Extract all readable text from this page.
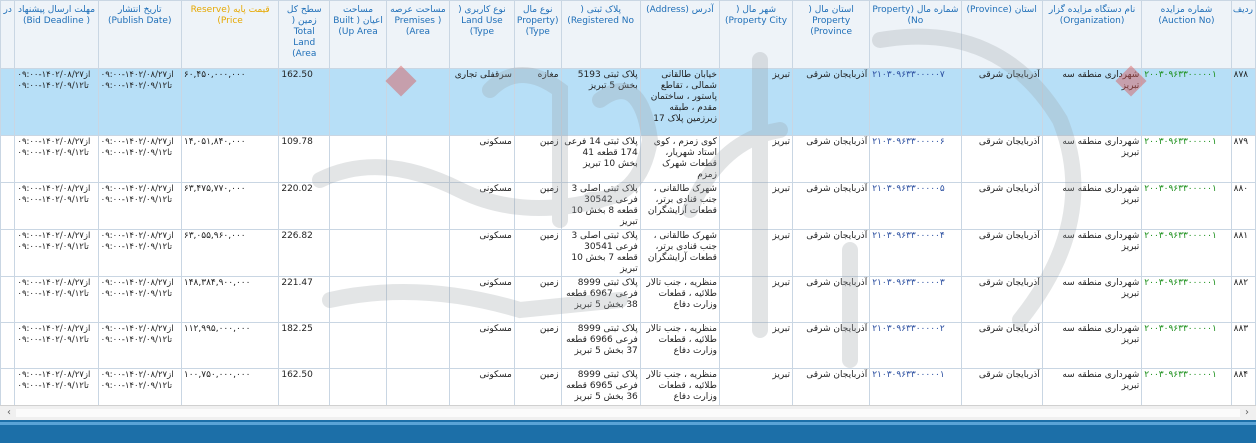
ردیف	شماره مزایده (Auction No)	نام دستگاه مزایده گزار (Organization)	استان (Province)	شماره مال (Property No)	استان مال ( Property Province)	شهر مال ( Property City)	آدرس (Address)	پلاک ثبتی ( Registered No)	نوع مال (Property Type)	نوع کاربری ( Land Use Type)	مساحت عرصه ( Premises Area)	مساحت اعیان ( Built Up Area)	سطح کل زمین ( Total Land Area)	قیمت پایه (Reserve Price)	تاریخ انتشار (Publish Date)	مهلت ارسال پیشنهاد ( Bid Deadline)	در
۸۷۸	۲۰۰۳۰۹۶۳۳۰۰۰۰۰۱	شهرداری منطقه سه تبریز	آذربایجان شرقی	۲۱۰۳۰۹۶۳۳۰۰۰۰۰۷	آذربایجان شرقی	تبریز	خیابان طالقانی شمالی ، تقاطع پاستور ، ساختمان مقدم ، طبقه زیرزمین پلاک 17	پلاک ثبتی 5193 بخش 5 تبریز	مغازه	سرقفلی تجاری			162.50	۶۰,۴۵۰,۰۰۰,۰۰۰	از۱۴۰۲/۰۸/۲۷-۰۹:۰۰ تا۱۴۰۲/۰۹/۱۲-۰۹:۰۰	از۱۴۰۲/۰۸/۲۷-۰۹:۰۰ تا۱۴۰۲/۰۹/۱۲-۰۹:۰۰	
۸۷۹	۲۰۰۳۰۹۶۳۳۰۰۰۰۰۱	شهرداری منطقه سه تبریز	آذربایجان شرقی	۲۱۰۳۰۹۶۳۳۰۰۰۰۰۶	آذربایجان شرقی	تبریز	کوی زمزم ، کوی استاد شهریار، قطعات شهرک زمزم	پلاک ثبتی 14 فرعی 174 قطعه 41 بخش 10 تبریز	زمین	مسکونی			109.78	۱۴,۰۵۱,۸۴۰,۰۰۰	از۱۴۰۲/۰۸/۲۷-۰۹:۰۰ تا۱۴۰۲/۰۹/۱۲-۰۹:۰۰	از۱۴۰۲/۰۸/۲۷-۰۹:۰۰ تا۱۴۰۲/۰۹/۱۲-۰۹:۰۰	
۸۸۰	۲۰۰۳۰۹۶۳۳۰۰۰۰۰۱	شهرداری منطقه سه تبریز	آذربایجان شرقی	۲۱۰۳۰۹۶۳۳۰۰۰۰۰۵	آذربایجان شرقی	تبریز	شهرک طالقانی ، جنب قنادی برتر، قطعات آرایشگران	پلاک ثبتی اصلی 3 فرعی 30542 قطعه 8 بخش 10 تبریز	زمین	مسکونی			220.02	۶۳,۴۷۵,۷۷۰,۰۰۰	از۱۴۰۲/۰۸/۲۷-۰۹:۰۰ تا۱۴۰۲/۰۹/۱۲-۰۹:۰۰	از۱۴۰۲/۰۸/۲۷-۰۹:۰۰ تا۱۴۰۲/۰۹/۱۲-۰۹:۰۰	
۸۸۱	۲۰۰۳۰۹۶۳۳۰۰۰۰۰۱	شهرداری منطقه سه تبریز	آذربایجان شرقی	۲۱۰۳۰۹۶۳۳۰۰۰۰۰۴	آذربایجان شرقی	تبریز	شهرک طالقانی ، جنب قنادی برتر، قطعات آرایشگران	پلاک ثبتی اصلی 3 فرعی 30541 قطعه 7 بخش 10 تبریز	زمین	مسکونی			226.82	۶۳,۰۵۵,۹۶۰,۰۰۰	از۱۴۰۲/۰۸/۲۷-۰۹:۰۰ تا۱۴۰۲/۰۹/۱۲-۰۹:۰۰	از۱۴۰۲/۰۸/۲۷-۰۹:۰۰ تا۱۴۰۲/۰۹/۱۲-۰۹:۰۰	
۸۸۲	۲۰۰۳۰۹۶۳۳۰۰۰۰۰۱	شهرداری منطقه سه تبریز	آذربایجان شرقی	۲۱۰۳۰۹۶۳۳۰۰۰۰۰۳	آذربایجان شرقی	تبریز	منظریه ، جنب تالار طلائیه ، قطعات وزارت دفاع	پلاک ثبتی 8999 فرعی 6967 قطعه 38 بخش 5 تبریز	زمین	مسکونی			221.47	۱۴۸,۳۸۴,۹۰۰,۰۰۰	از۱۴۰۲/۰۸/۲۷-۰۹:۰۰ تا۱۴۰۲/۰۹/۱۲-۰۹:۰۰	از۱۴۰۲/۰۸/۲۷-۰۹:۰۰ تا۱۴۰۲/۰۹/۱۲-۰۹:۰۰	
۸۸۳	۲۰۰۳۰۹۶۳۳۰۰۰۰۰۱	شهرداری منطقه سه تبریز	آذربایجان شرقی	۲۱۰۳۰۹۶۳۳۰۰۰۰۰۲	آذربایجان شرقی	تبریز	منظریه ، جنب تالار طلائیه ، قطعات وزارت دفاع	پلاک ثبتی 8999 فرعی 6966 قطعه 37 بخش 5 تبریز	زمین	مسکونی			182.25	۱۱۲,۹۹۵,۰۰۰,۰۰۰	از۱۴۰۲/۰۸/۲۷-۰۹:۰۰ تا۱۴۰۲/۰۹/۱۲-۰۹:۰۰	از۱۴۰۲/۰۸/۲۷-۰۹:۰۰ تا۱۴۰۲/۰۹/۱۲-۰۹:۰۰	
۸۸۴	۲۰۰۳۰۹۶۳۳۰۰۰۰۰۱	شهرداری منطقه سه تبریز	آذربایجان شرقی	۲۱۰۳۰۹۶۳۳۰۰۰۰۰۱	آذربایجان شرقی	تبریز	منظریه ، جنب تالار طلائیه ، قطعات وزارت دفاع	پلاک ثبتی 8999 فرعی 6965 قطعه 36 بخش 5 تبریز	زمین	مسکونی			162.50	۱۰۰,۷۵۰,۰۰۰,۰۰۰	از۱۴۰۲/۰۸/۲۷-۰۹:۰۰ تا۱۴۰۲/۰۹/۱۲-۰۹:۰۰	از۱۴۰۲/۰۸/۲۷-۰۹:۰۰ تا۱۴۰۲/۰۹/۱۲-۰۹:۰۰	
‹	›
